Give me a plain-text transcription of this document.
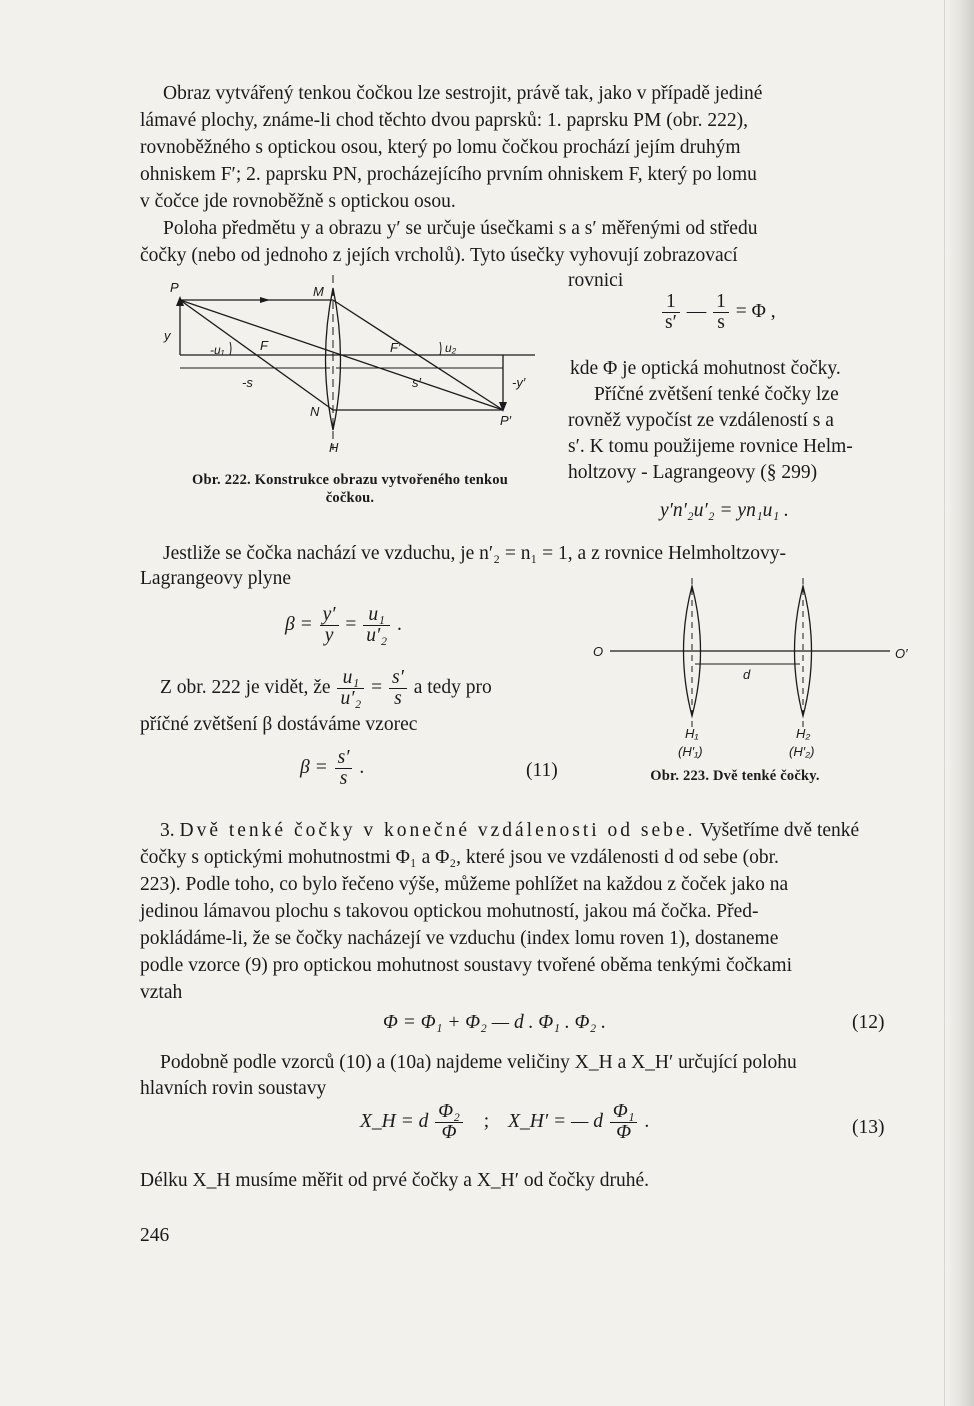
Obraz vytvářený tenkou čočkou lze sestrojit, právě tak, jako v případě jediné
lámavé plochy, známe-li chod těchto dvou paprsků: 1. paprsku PM (obr. 222),
rovnoběžného s optickou osou, který po lomu čočkou prochází jejím druhým
ohniskem F′; 2. paprsku PN, procházejícího prvním ohniskem F, který po lomu
v čočce jde rovnoběžně s optickou osou.
Poloha předmětu y a obrazu y′ se určuje úsečkami s a s′ měřenými od středu
čočky (nebo od jednoho z jejích vrcholů). Tyto úsečky vyhovují zobrazovací
rovnici
$\frac{1}{s'}$ — $\frac{1}{s} = \Phi$ ,
kde Φ je optická mohutnost čočky.
Příčné zvětšení tenké čočky lze
rovněž vypočíst ze vzdáleností s a
s′. K tomu použijeme rovnice Helm-
holtzovy - Lagrangeovy (§ 299)
y′n′₂u′₂ = yn₁u₁ .
P	M
y
-u₁	F	F′	u₂
-y′
-s	s′
N
P′
H
Obr. 222. Konstrukce obrazu vytvořeného tenkou
čočkou.
Jestliže se čočka nachází ve vzduchu, je n′₂ = n₁ = 1, a z rovnice Helmholtzovy-
Lagrangeovy plyne
$\beta = \frac{y'}{y} = \frac{\text{u₁}}{\text{u′₂}}$ .
Z obr. 222 je vidět, že $\frac{\text{u₁}}{\text{u′₂}} = \frac{s'}{s}$ a tedy pro
příčné zvětšení β dostáváme vzorec
$\beta = \frac{s'}{s}$ .	(11)
O	O′
d
H₁
(H′₁)
H₂
(H′₂)
Obr. 223. Dvě tenké čočky.
3. Dvě tenké čočky v konečné vzdálenosti od sebe. Vyšetříme dvě tenké
čočky s optickými mohutnostmi Φ₁ a Φ₂, které jsou ve vzdálenosti d od sebe (obr.
223). Podle toho, co bylo řečeno výše, můžeme pohlížet na každou z čoček jako na
jedinou lámavou plochu s takovou optickou mohutností, jakou má čočka. Před-
pokládáme-li, že se čočky nacházejí ve vzduchu (index lomu roven 1), dostaneme
podle vzorce (9) pro optickou mohutnost soustavy tvořené oběma tenkými čočkami
vztah
Φ = Φ₁ + Φ₂ — d . Φ₁ . Φ₂ .	(12)
Podobně podle vzorců (10) a (10a) najdeme veličiny X_H a X_H′ určující polohu
hlavních rovin soustavy
X_H = d $\frac{\text{Φ₂}}{\Phi}$ ; X_H′ = — d $\frac{\text{Φ₁}}{\Phi}$ .	(13)
Délku X_H musíme měřit od prvé čočky a X_H′ od čočky druhé.
246
